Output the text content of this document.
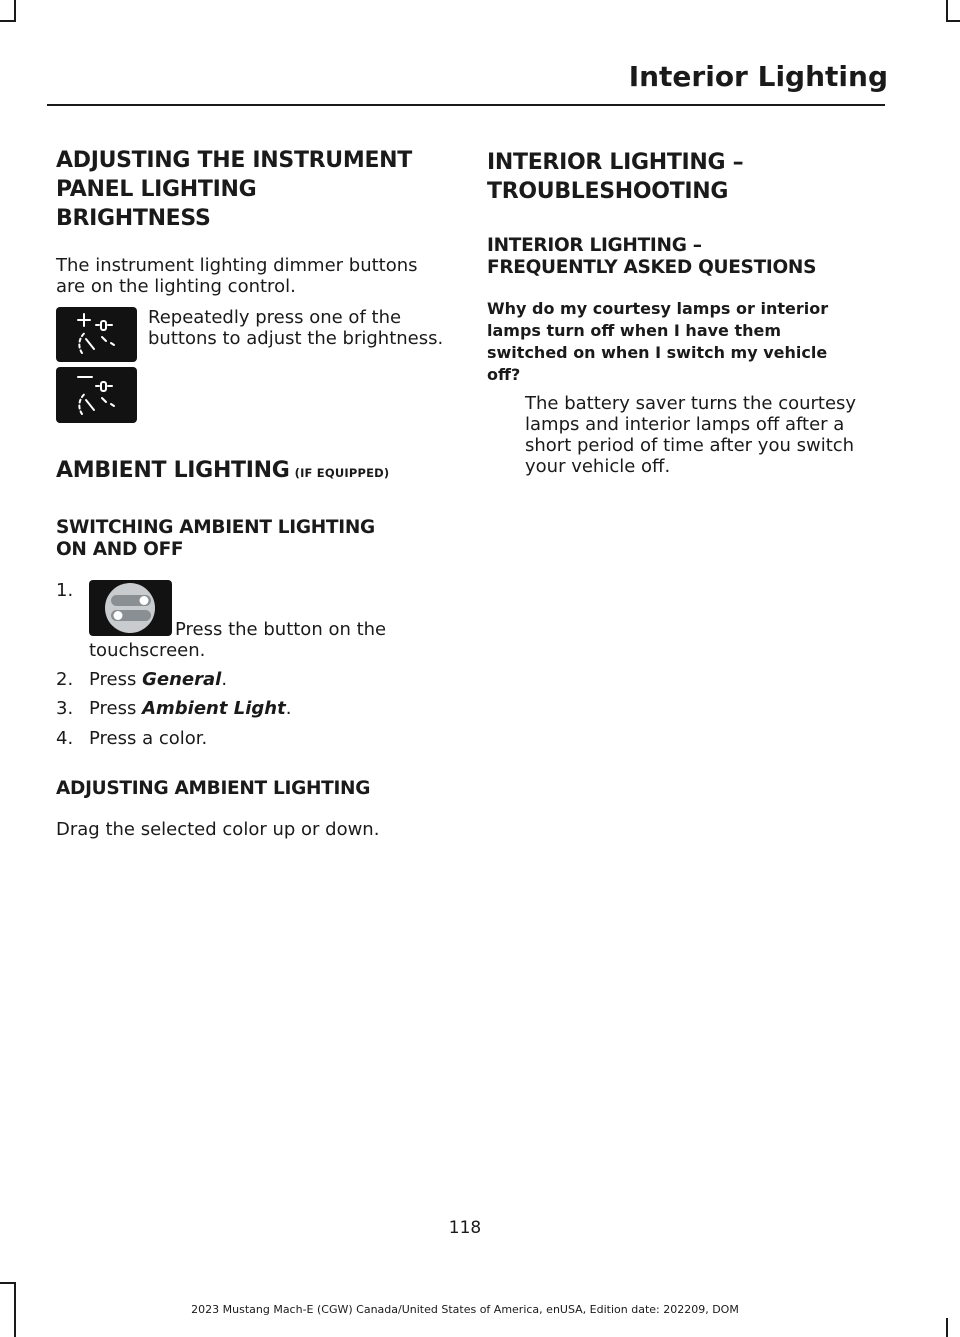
Interior Lighting
ADJUSTING THE INSTRUMENT
PANEL LIGHTING
BRIGHTNESS

The instrument lighting dimmer buttons are on the lighting control.

Repeatedly press one of the buttons to adjust the brightness.

AMBIENT LIGHTING (IF EQUIPPED)
SWITCHING AMBIENT LIGHTING
ON AND OFF
1.

Press the button on the
touchscreen.

2. Press General.
3. Press Ambient Light.
4. Press a color.
ADJUSTING AMBIENT LIGHTING

Drag the selected color up or down.

INTERIOR LIGHTING –
TROUBLESHOOTING
INTERIOR LIGHTING –
FREQUENTLY ASKED QUESTIONS
Why do my courtesy lamps or interior
lamps turn off when I have them
switched on when I switch my vehicle
off?
The battery saver turns the courtesy
lamps and interior lamps off after a
short period of time after you switch
your vehicle off.
118
2023 Mustang Mach-E (CGW) Canada/United States of America, enUSA, Edition date: 202209, DOM
